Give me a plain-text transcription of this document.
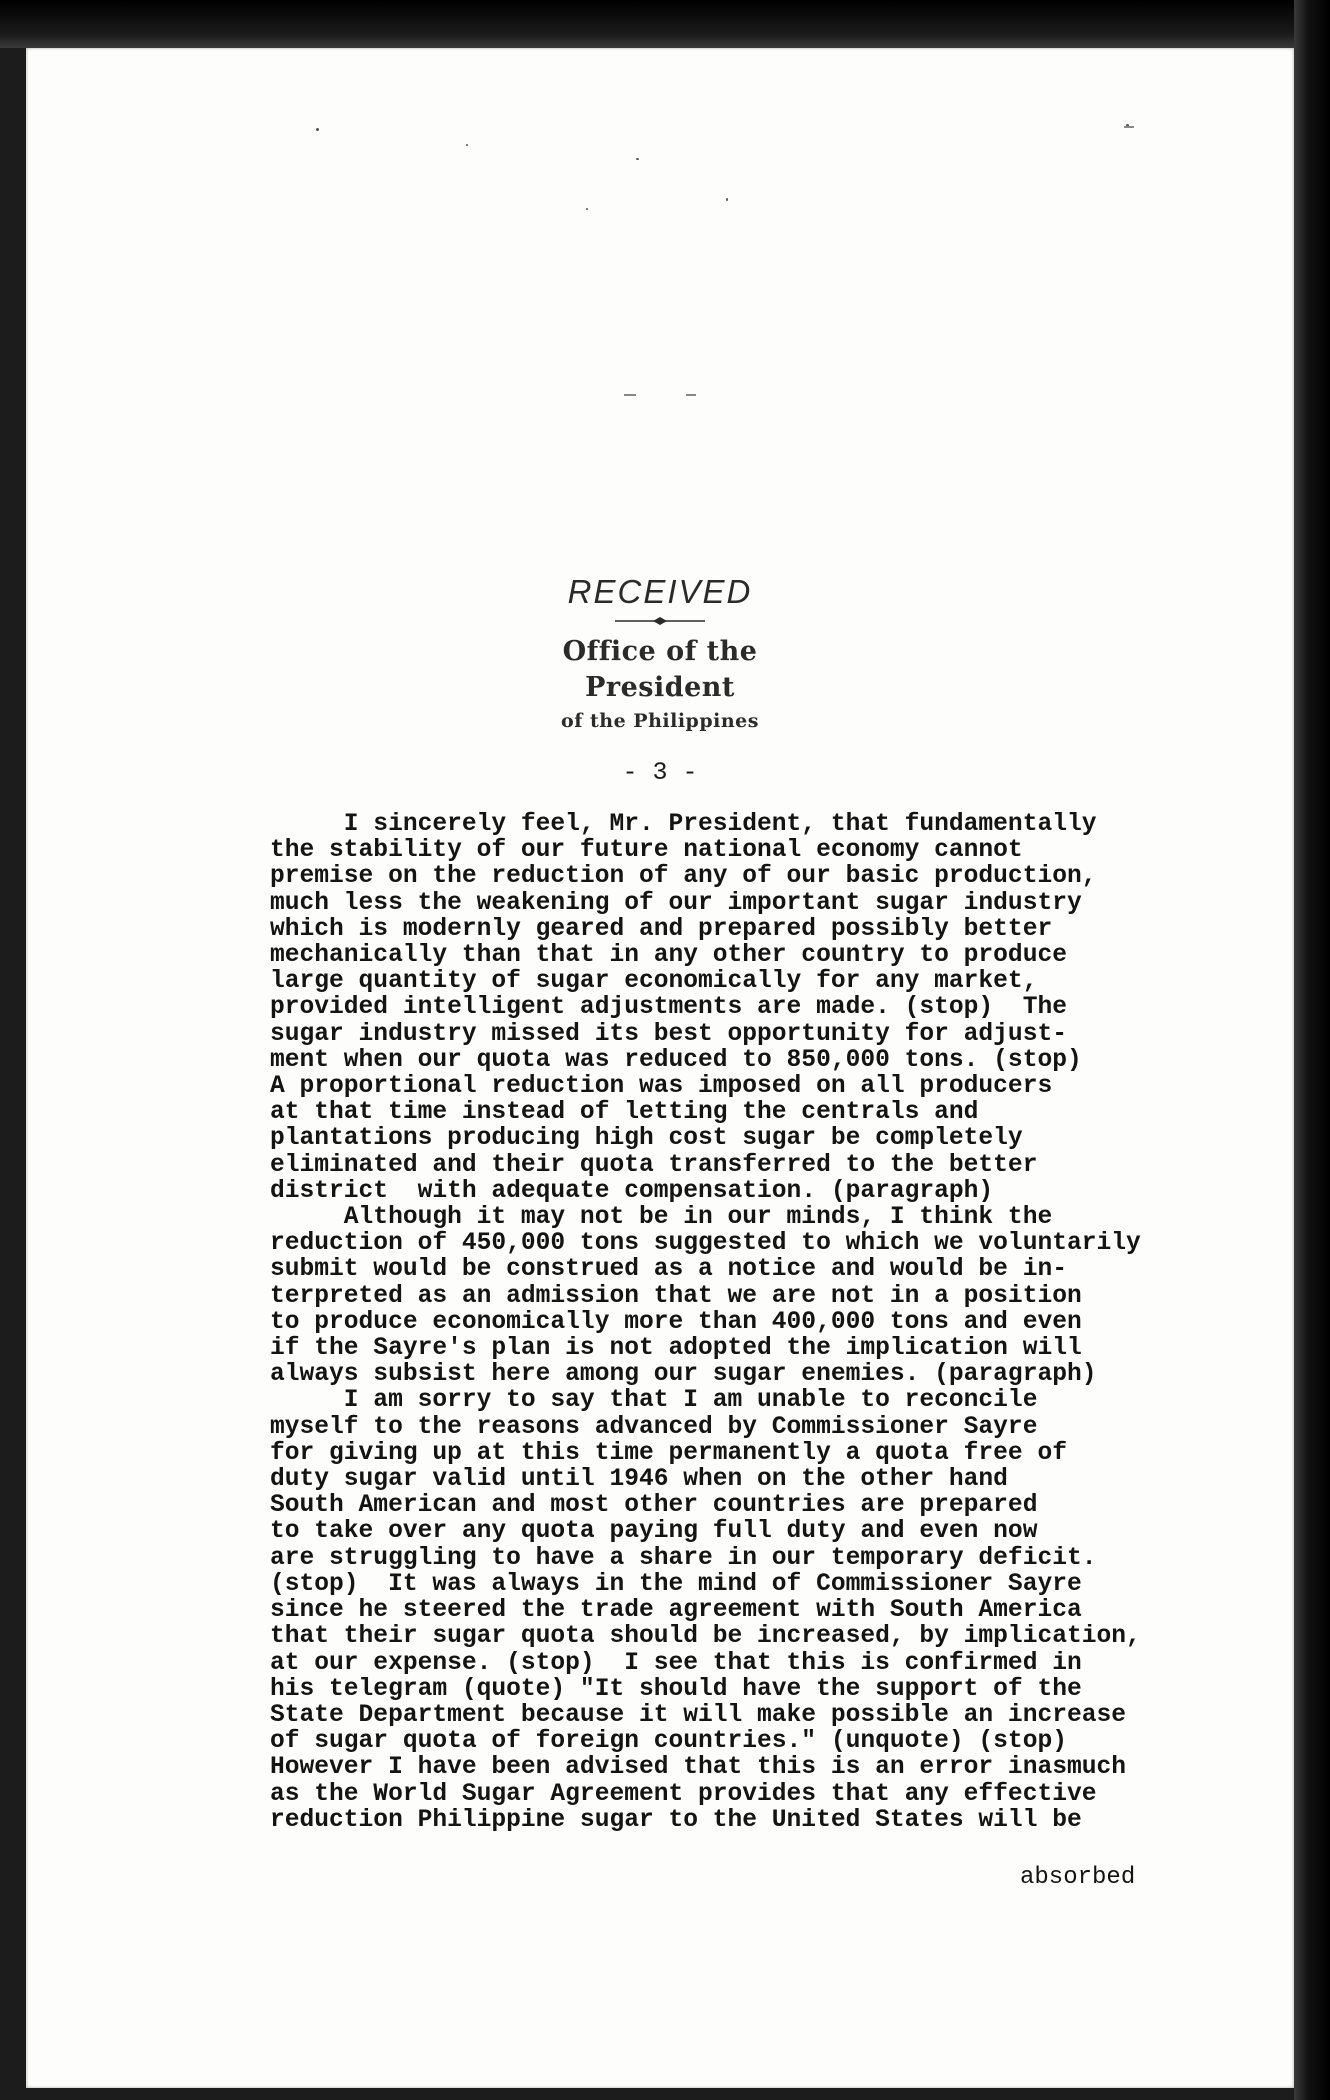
RECEIVED
Office of the President
of the Philippines
- 3 -
I sincerely feel, Mr. President, that fundamentally
the stability of our future national economy cannot
premise on the reduction of any of our basic production,
much less the weakening of our important sugar industry
which is modernly geared and prepared possibly better
mechanically than that in any other country to produce
large quantity of sugar economically for any market,
provided intelligent adjustments are made. (stop)  The
sugar industry missed its best opportunity for adjust-
ment when our quota was reduced to 850,000 tons. (stop)
A proportional reduction was imposed on all producers
at that time instead of letting the centrals and
plantations producing high cost sugar be completely
eliminated and their quota transferred to the better
district  with adequate compensation. (paragraph)
Although it may not be in our minds, I think the
reduction of 450,000 tons suggested to which we voluntarily
submit would be construed as a notice and would be in-
terpreted as an admission that we are not in a position
to produce economically more than 400,000 tons and even
if the Sayre's plan is not adopted the implication will
always subsist here among our sugar enemies. (paragraph)
I am sorry to say that I am unable to reconcile
myself to the reasons advanced by Commissioner Sayre
for giving up at this time permanently a quota free of
duty sugar valid until 1946 when on the other hand
South American and most other countries are prepared
to take over any quota paying full duty and even now
are struggling to have a share in our temporary deficit.
(stop)  It was always in the mind of Commissioner Sayre
since he steered the trade agreement with South America
that their sugar quota should be increased, by implication,
at our expense. (stop)  I see that this is confirmed in
his telegram (quote) "It should have the support of the
State Department because it will make possible an increase
of sugar quota of foreign countries." (unquote) (stop)
However I have been advised that this is an error inasmuch
as the World Sugar Agreement provides that any effective
reduction Philippine sugar to the United States will be
absorbed
